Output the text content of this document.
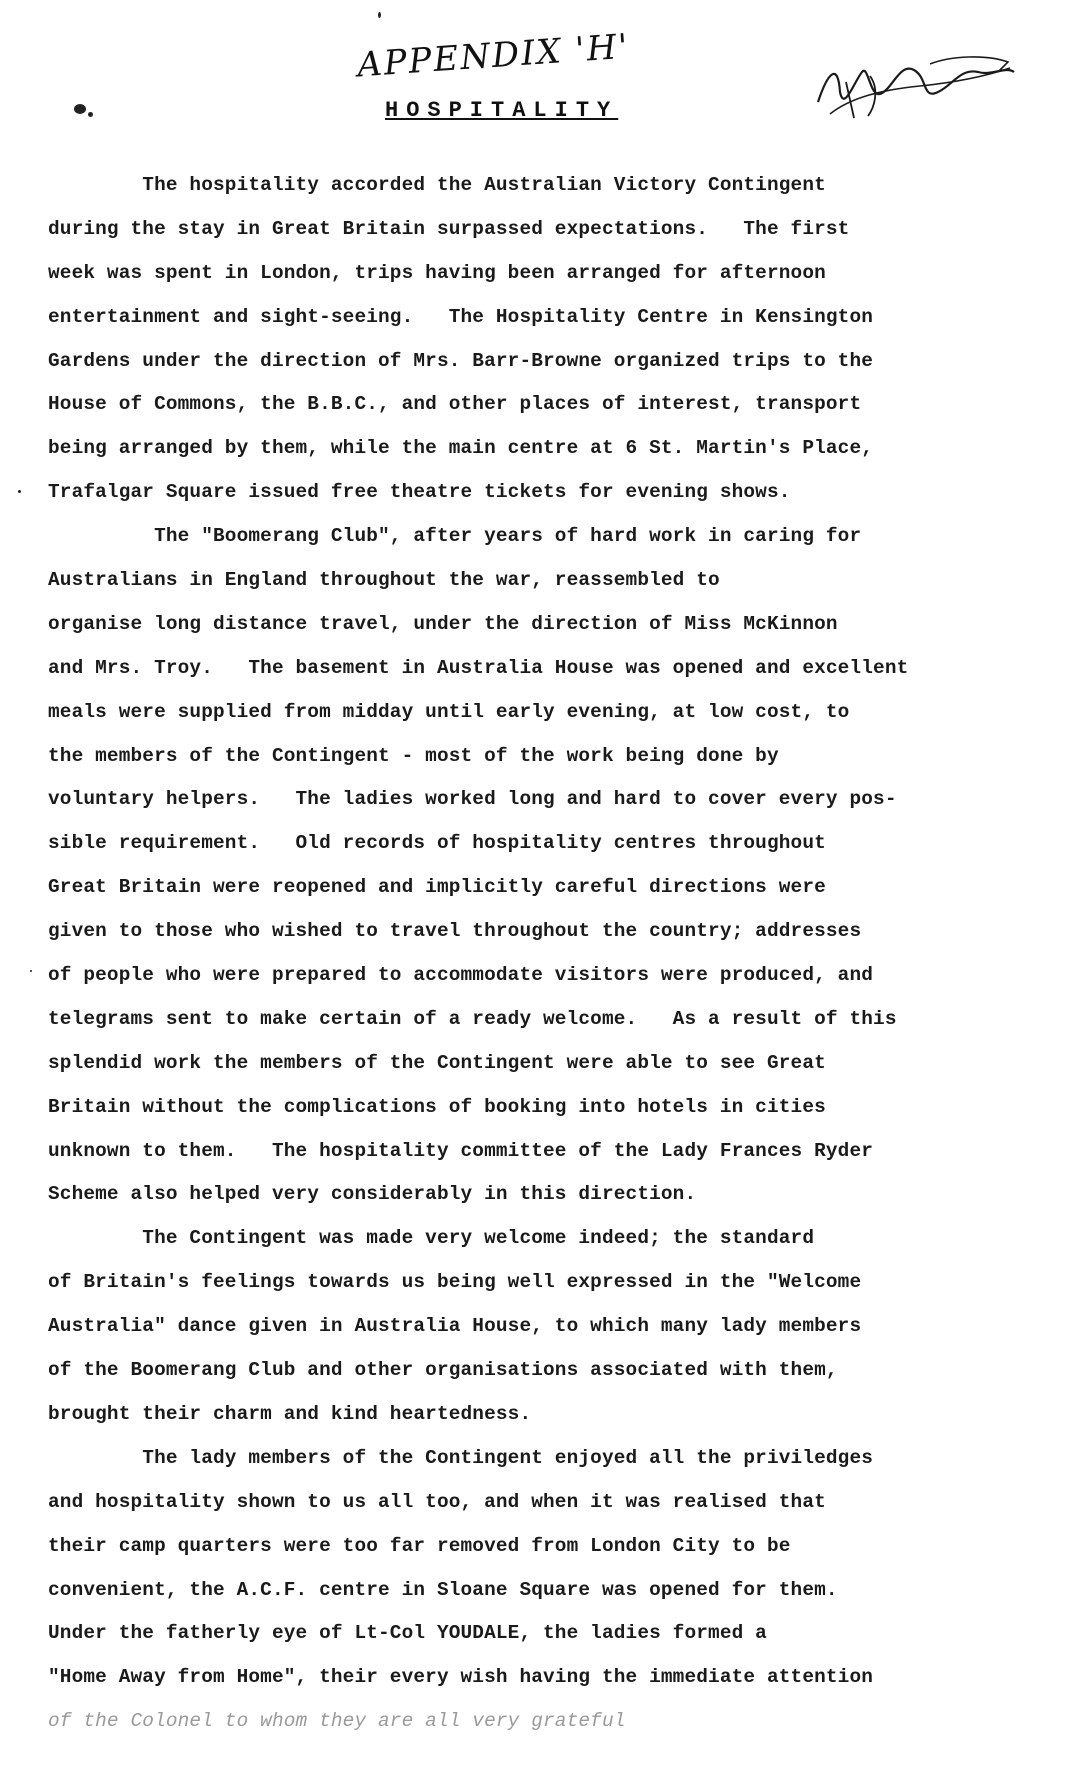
APPENDIX 'H'
HOSPITALITY
The hospitality accorded the Australian Victory Contingent
during the stay in Great Britain surpassed expectations.   The first
week was spent in London, trips having been arranged for afternoon
entertainment and sight-seeing.   The Hospitality Centre in Kensington
Gardens under the direction of Mrs. Barr-Browne organized trips to the
House of Commons, the B.B.C., and other places of interest, transport
being arranged by them, while the main centre at 6 St. Martin's Place,
Trafalgar Square issued free theatre tickets for evening shows.
The "Boomerang Club", after years of hard work in caring for
Australians in England throughout the war, reassembled to
organise long distance travel, under the direction of Miss McKinnon
and Mrs. Troy.   The basement in Australia House was opened and excellent
meals were supplied from midday until early evening, at low cost, to
the members of the Contingent - most of the work being done by
voluntary helpers.   The ladies worked long and hard to cover every pos-
sible requirement.   Old records of hospitality centres throughout
Great Britain were reopened and implicitly careful directions were
given to those who wished to travel throughout the country; addresses
of people who were prepared to accommodate visitors were produced, and
telegrams sent to make certain of a ready welcome.   As a result of this
splendid work the members of the Contingent were able to see Great
Britain without the complications of booking into hotels in cities
unknown to them.   The hospitality committee of the Lady Frances Ryder
Scheme also helped very considerably in this direction.
The Contingent was made very welcome indeed; the standard
of Britain's feelings towards us being well expressed in the "Welcome
Australia" dance given in Australia House, to which many lady members
of the Boomerang Club and other organisations associated with them,
brought their charm and kind heartedness.
The lady members of the Contingent enjoyed all the priviledges
and hospitality shown to us all too, and when it was realised that
their camp quarters were too far removed from London City to be
convenient, the A.C.F. centre in Sloane Square was opened for them.
Under the fatherly eye of Lt-Col YOUDALE, the ladies formed a
"Home Away from Home", their every wish having the immediate attention
of the Colonel to whom they are all very grateful
